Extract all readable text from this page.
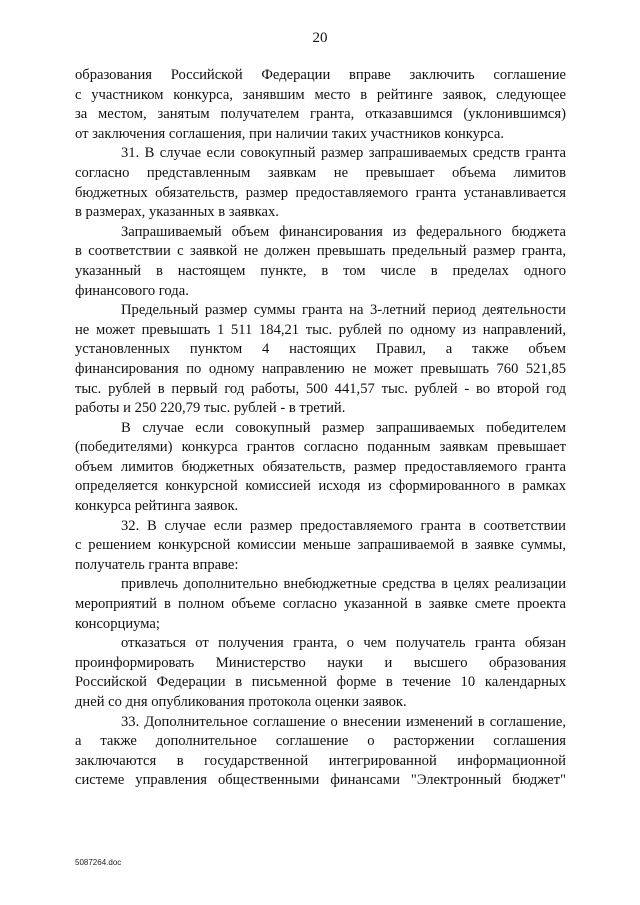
20
образования Российской Федерации вправе заключить соглашение
с участником конкурса, занявшим место в рейтинге заявок, следующее
за местом, занятым получателем гранта, отказавшимся (уклонившимся)
от заключения соглашения, при наличии таких участников конкурса.
31. В случае если совокупный размер запрашиваемых средств гранта
согласно представленным заявкам не превышает объема лимитов
бюджетных обязательств, размер предоставляемого гранта устанавливается
в размерах, указанных в заявках.
Запрашиваемый объем финансирования из федерального бюджета
в соответствии с заявкой не должен превышать предельный размер гранта,
указанный в настоящем пункте, в том числе в пределах одного
финансового года.
Предельный размер суммы гранта на 3-летний период деятельности
не может превышать 1 511 184,21 тыс. рублей по одному из направлений,
установленных пунктом 4 настоящих Правил, а также объем
финансирования по одному направлению не может превышать 760 521,85
тыс. рублей в первый год работы, 500 441,57 тыс. рублей - во второй год
работы и 250 220,79 тыс. рублей - в третий.
В случае если совокупный размер запрашиваемых победителем
(победителями) конкурса грантов согласно поданным заявкам превышает
объем лимитов бюджетных обязательств, размер предоставляемого гранта
определяется конкурсной комиссией исходя из сформированного в рамках
конкурса рейтинга заявок.
32. В случае если размер предоставляемого гранта в соответствии
с решением конкурсной комиссии меньше запрашиваемой в заявке суммы,
получатель гранта вправе:
привлечь дополнительно внебюджетные средства в целях реализации
мероприятий в полном объеме согласно указанной в заявке смете проекта
консорциума;
отказаться от получения гранта, о чем получатель гранта обязан
проинформировать Министерство науки и высшего образования
Российской Федерации в письменной форме в течение 10 календарных
дней со дня опубликования протокола оценки заявок.
33. Дополнительное соглашение о внесении изменений в соглашение,
а также дополнительное соглашение о расторжении соглашения
заключаются в государственной интегрированной информационной
системе управления общественными финансами "Электронный бюджет"
5087264.doc
